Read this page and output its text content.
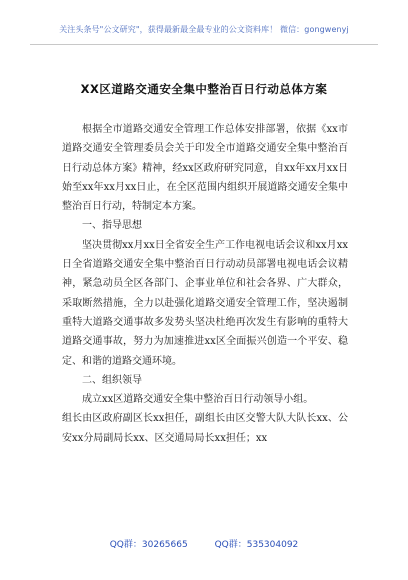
关注头条号"公文研究"，获得最新最全最专业的公文资料库！ 微信：gongwenyj
XX区道路交通安全集中整治百日行动总体方案

根据全市道路交通安全管理工作总体安排部署，依据《xx市道路交通安全管理委员会关于印发全市道路交通安全集中整治百日行动总体方案》精神，经xx区政府研究同意，自xx年xx月xx日始至xx年xx月xx日止，在全区范围内组织开展道路交通安全集中整治百日行动，特制定本方案。

一、指导思想

坚决贯彻xx月xx日全省安全生产工作电视电话会议和xx月xx日全省道路交通安全集中整治百日行动动员部署电视电话会议精神，紧急动员全区各部门、企事业单位和社会各界、广大群众，采取断然措施，全力以赴强化道路交通安全管理工作，坚决遏制重特大道路交通事故多发势头坚决杜绝再次发生有影响的重特大道路交通事故，努力为加速推进xx区全面振兴创造一个平安、稳定、和谐的道路交通环境。

二、组织领导

成立xx区道路交通安全集中整治百日行动领导小组。

组长由区政府副区长xx担任，副组长由区交警大队大队长xx、公安xx分局副局长xx、区交通局局长xx担任；xx

QQ群：30265665	QQ群：535304092
